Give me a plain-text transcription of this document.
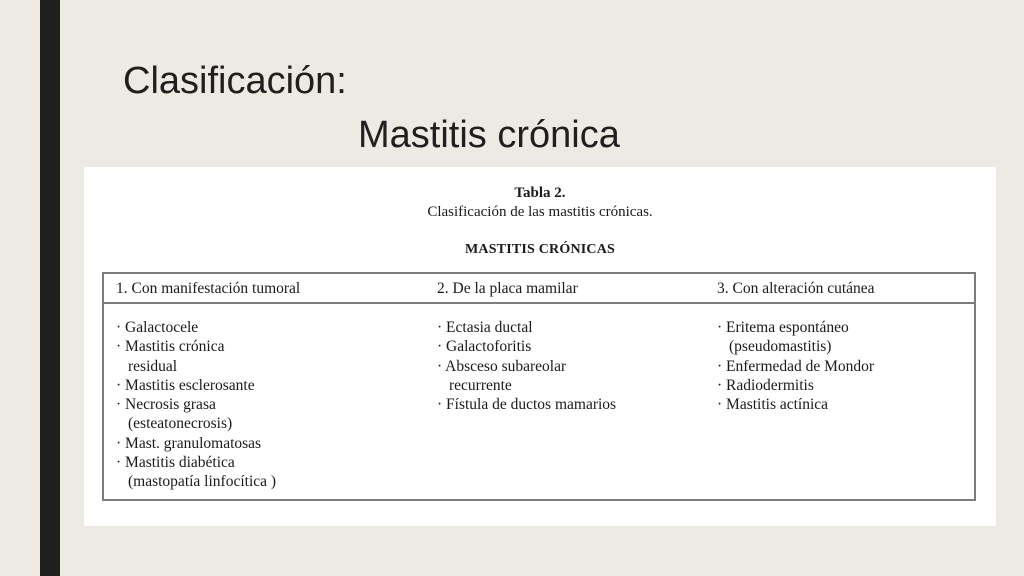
Clasificación:
Mastitis crónica
Tabla 2.
Clasificación de las mastitis crónicas.
MASTITIS CRÓNICAS
1. Con manifestación tumoral	2. De la placa mamilar	3. Con alteración cutánea
· Galactocele
· Mastitis crónica
residual
· Mastitis esclerosante
· Necrosis grasa
(esteatonecrosis)
· Mast. granulomatosas
· Mastitis diabética
(mastopatía linfocítica )
· Ectasia ductal
· Galactoforitis
· Absceso subareolar
recurrente
· Fístula de ductos mamarios
· Eritema espontáneo
(pseudomastitis)
· Enfermedad de Mondor
· Radiodermitis
· Mastitis actínica
